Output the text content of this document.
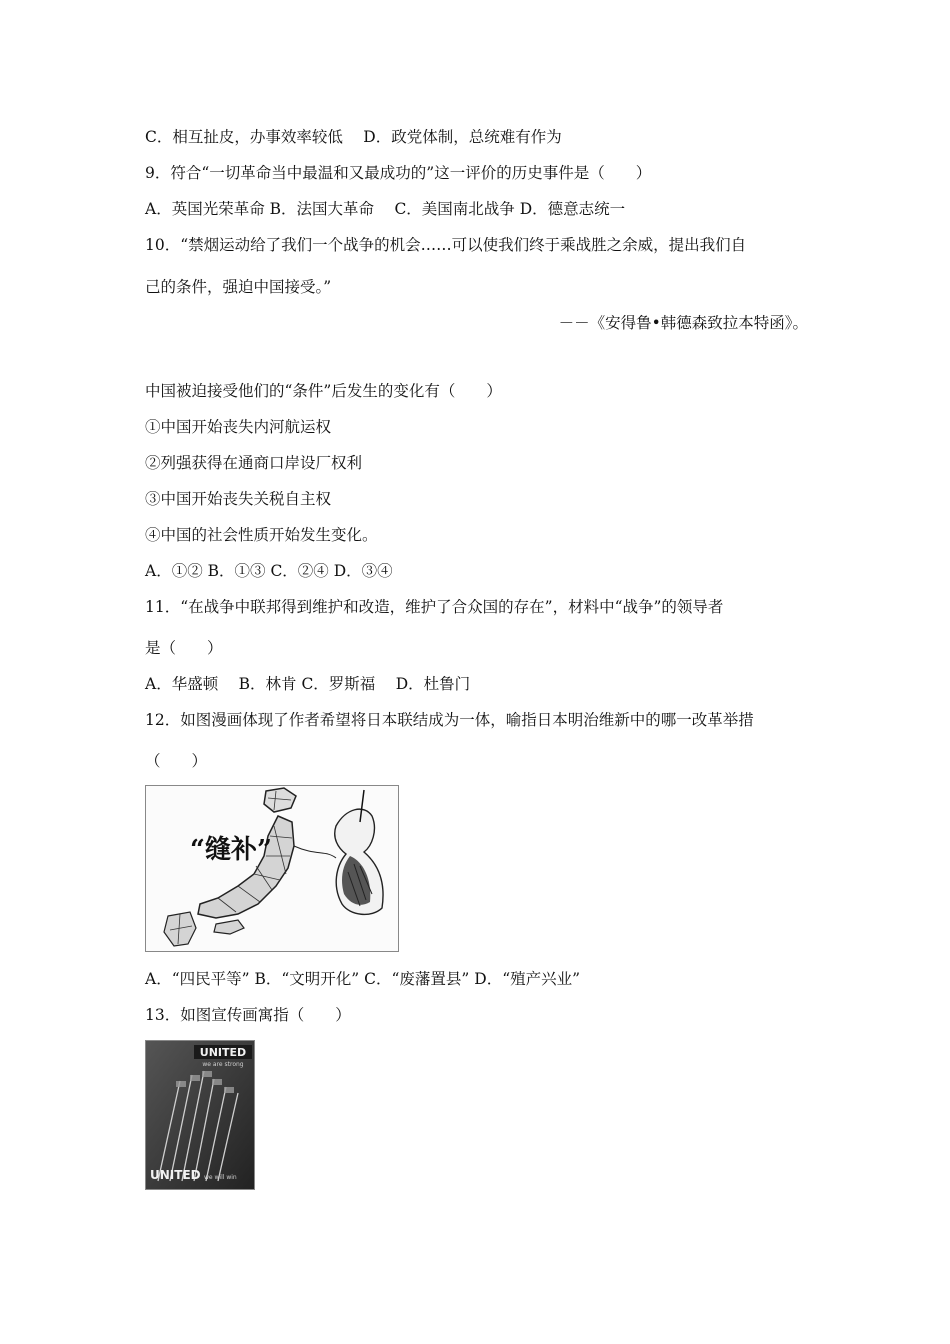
C．相互扯皮，办事效率较低　 D．政党体制，总统难有作为
9．符合“一切革命当中最温和又最成功的”这一评价的历史事件是（　　）
A．英国光荣革命 B．法国大革命　 C．美国南北战争 D．德意志统一
10．“禁烟运动给了我们一个战争的机会……可以使我们终于乘战胜之余威，提出我们自
己的条件，强迫中国接受。”
－－《安得鲁•韩德森致拉本特函》。
中国被迫接受他们的“条件”后发生的变化有（　　）
①中国开始丧失内河航运权
②列强获得在通商口岸设厂权利
③中国开始丧失关税自主权
④中国的社会性质开始发生变化。
A．①② B．①③ C．②④ D．③④
11．“在战争中联邦得到维护和改造，维护了合众国的存在”，材料中“战争”的领导者
是（　　）
A．华盛顿　 B．林肯 C．罗斯福　 D．杜鲁门
12．如图漫画体现了作者希望将日本联结成为一体，喻指日本明治维新中的哪一改革举措
（　　）
“缝补”
A．“四民平等” B．“文明开化” C．“废藩置县” D．“殖产兴业”
13．如图宣传画寓指（　　）
UNITED
we are strong
UNITED we will win
